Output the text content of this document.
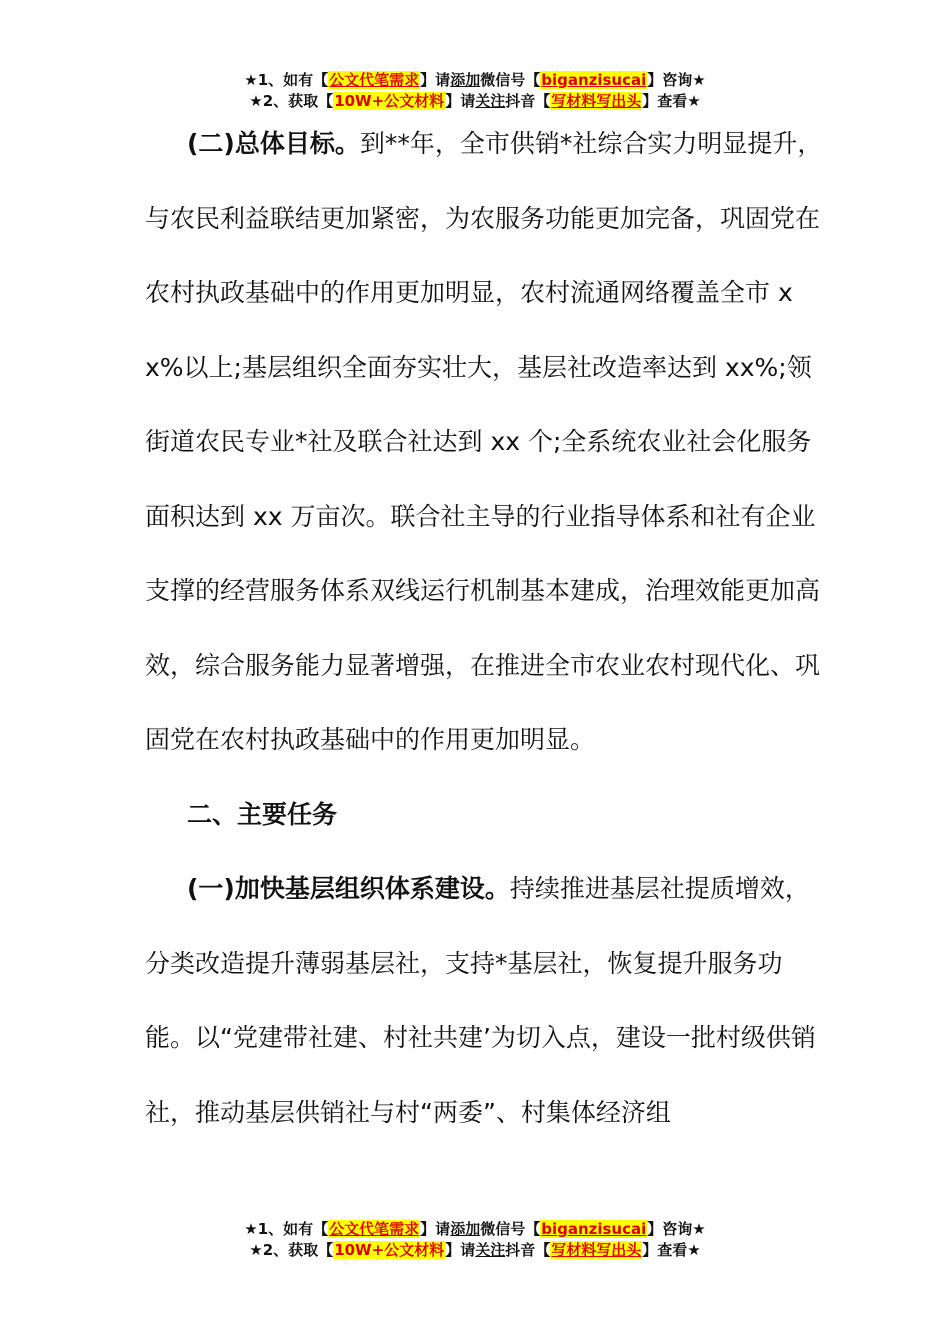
★1、如有【公文代笔需求】请添加微信号【biganzisucai】咨询★
★2、获取【10W+公文材料】请关注抖音【写材料写出头】查看★

(二)总体目标。到**年，全市供销*社综合实力明显提升，与农民利益联结更加紧密，为农服务功能更加完备，巩固党在农村执政基础中的作用更加明显，农村流通网络覆盖全市 xx%以上;基层组织全面夯实壮大，基层社改造率达到 xx%;领街道农民专业*社及联合社达到 xx 个;全系统农业社会化服务面积达到 xx 万亩次。联合社主导的行业指导体系和社有企业支撑的经营服务体系双线运行机制基本建成，治理效能更加高效，综合服务能力显著增强，在推进全市农业农村现代化、巩固党在农村执政基础中的作用更加明显。

二、主要任务

(一)加快基层组织体系建设。持续推进基层社提质增效，分类改造提升薄弱基层社，支持*基层社，恢复提升服务功能。以“党建带社建、村社共建’为切入点，建设一批村级供销社，推动基层供销社与村“两委”、村集体经济组

★1、如有【公文代笔需求】请添加微信号【biganzisucai】咨询★
★2、获取【10W+公文材料】请关注抖音【写材料写出头】查看★
